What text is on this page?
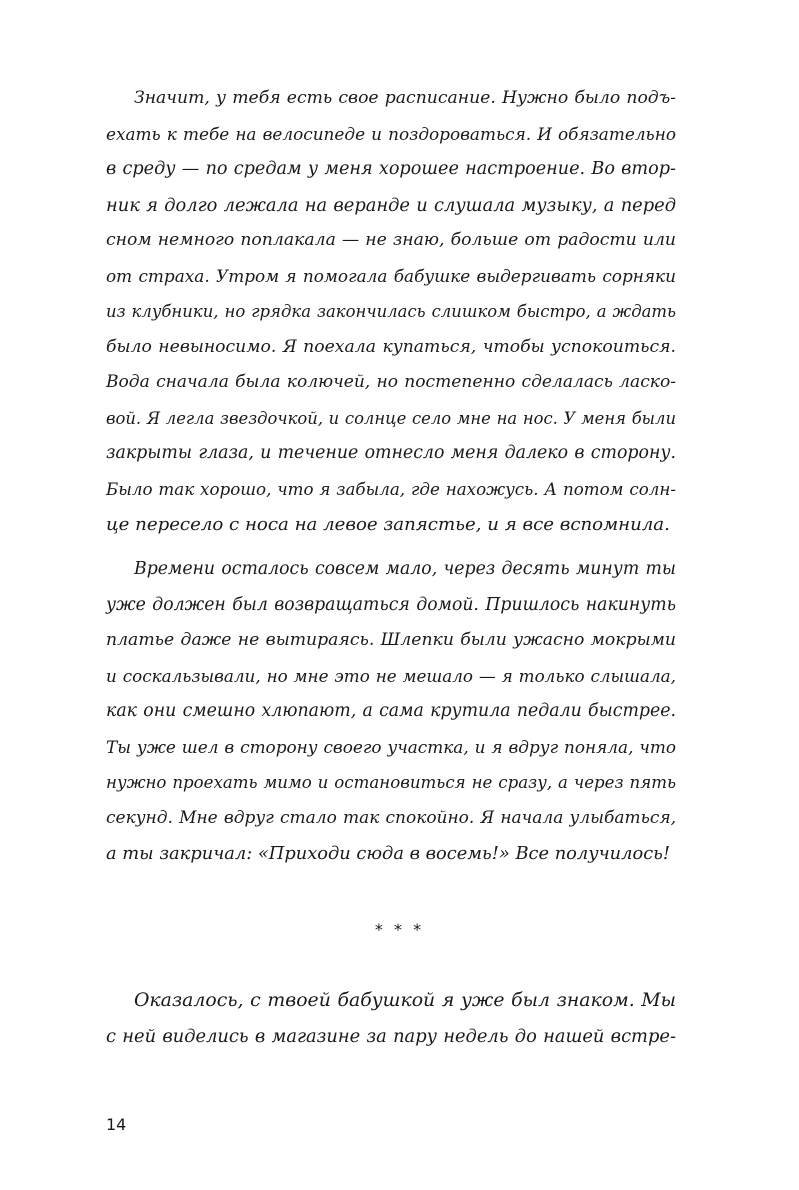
Значит, у тебя есть свое расписание. Нужно было подъ-
ехать к тебе на велосипеде и поздороваться. И обязательно
в среду — по средам у меня хорошее настроение. Во втор-
ник я долго лежала на веранде и слушала музыку, а перед
сном немного поплакала — не знаю, больше от радости или
от страха. Утром я помогала бабушке выдергивать сорняки
из клубники, но грядка закончилась слишком быстро, а ждать
было невыносимо. Я поехала купаться, чтобы успокоиться.
Вода сначала была колючей, но постепенно сделалась ласко-
вой. Я легла звездочкой, и солнце село мне на нос. У меня были
закрыты глаза, и течение отнесло меня далеко в сторону.
Было так хорошо, что я забыла, где нахожусь. А потом солн-
це пересело с носа на левое запястье, и я все вспомнила.
Времени осталось совсем мало, через десять минут ты
уже должен был возвращаться домой. Пришлось накинуть
платье даже не вытираясь. Шлепки были ужасно мокрыми
и соскальзывали, но мне это не мешало — я только слышала,
как они смешно хлюпают, а сама крутила педали быстрее.
Ты уже шел в сторону своего участка, и я вдруг поняла, что
нужно проехать мимо и остановиться не сразу, а через пять
секунд. Мне вдруг стало так спокойно. Я начала улыбаться,
а ты закричал: «Приходи сюда в восемь!» Все получилось!
* * *
Оказалось, с твоей бабушкой я уже был знаком. Мы
с ней виделись в магазине за пару недель до нашей встре-
14
